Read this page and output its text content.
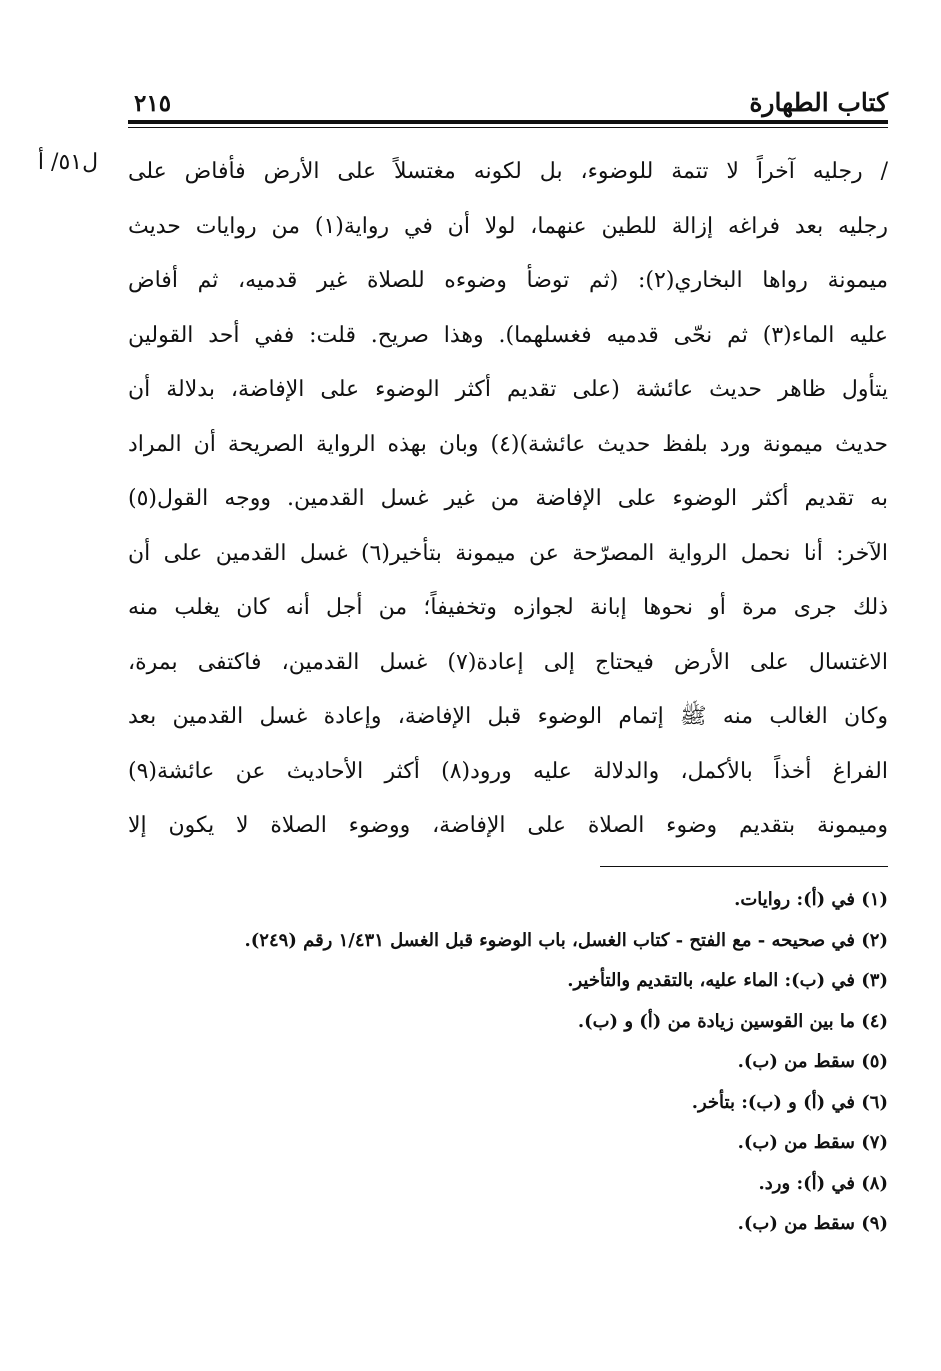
كتاب الطهارة
٢١٥
ل٥١/ أ	/ رجليه آخراً لا تتمة للوضوء، بل لكونه مغتسلاً على الأرض فأفاض على
رجليه بعد فراغه إزالة للطين عنهما، لولا أن في رواية(١) من روايات حديث
ميمونة رواها البخاري(٢): (ثم توضأ وضوءه للصلاة غير قدميه، ثم أفاض
عليه الماء(٣) ثم نحّى قدميه فغسلهما). وهذا صريح. قلت: ففي أحد القولين
يتأول ظاهر حديث عائشة (على تقديم أكثر الوضوء على الإفاضة، بدلالة أن
حديث ميمونة ورد بلفظ حديث عائشة)(٤) وبان بهذه الرواية الصريحة أن المراد
به تقديم أكثر الوضوء على الإفاضة من غير غسل القدمين. ووجه القول(٥)
الآخر: أنا نحمل الرواية المصرّحة عن ميمونة بتأخير(٦) غسل القدمين على أن
ذلك جرى مرة أو نحوها إبانة لجوازه وتخفيفاً؛ من أجل أنه كان يغلب منه
الاغتسال على الأرض فيحتاج إلى إعادة(٧) غسل القدمين، فاكتفى بمرة،
وكان الغالب منه ﷺ إتمام الوضوء قبل الإفاضة، وإعادة غسل القدمين بعد
الفراغ أخذاً بالأكمل، والدلالة عليه ورود(٨) أكثر الأحاديث عن عائشة(٩)
وميمونة بتقديم وضوء الصلاة على الإفاضة، ووضوء الصلاة لا يكون إلا
(١) في (أ): روايات.
(٢) في صحيحه - مع الفتح - كتاب الغسل، باب الوضوء قبل الغسل ١/٤٣١ رقم (٢٤٩).
(٣) في (ب): الماء عليه، بالتقديم والتأخير.
(٤) ما بين القوسين زيادة من (أ) و (ب).
(٥) سقط من (ب).
(٦) في (أ) و (ب): بتأخر.
(٧) سقط من (ب).
(٨) في (أ): ورد.
(٩) سقط من (ب).
